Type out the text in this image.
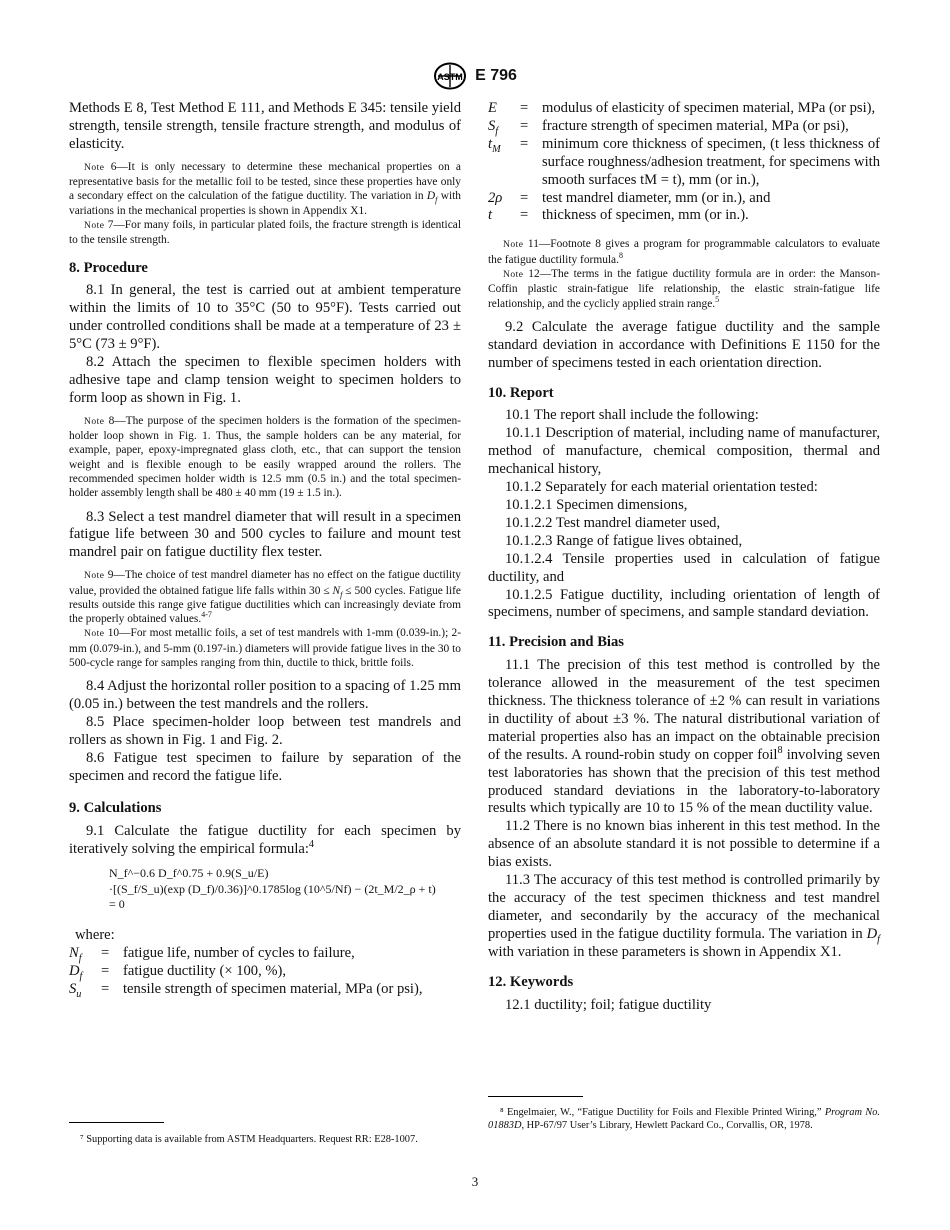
ASTM E 796

Methods E 8, Test Method E 111, and Methods E 345: tensile yield strength, tensile strength, tensile fracture strength, and modulus of elasticity.

Note 6—It is only necessary to determine these mechanical properties on a representative basis for the metallic foil to be tested, since these properties have only a secondary effect on the calculation of the fatigue ductility. The variation in $D_f$ with variations in the mechanical properties is shown in Appendix X1.

Note 7—For many foils, in particular plated foils, the fracture strength is identical to the tensile strength.

8. Procedure

8.1 In general, the test is carried out at ambient temperature within the limits of 10 to 35°C (50 to 95°F). Tests carried out under controlled conditions shall be made at a temperature of 23 ± 5°C (73 ± 9°F).

8.2 Attach the specimen to flexible specimen holders with adhesive tape and clamp tension weight to specimen holders to form loop as shown in Fig. 1.

Note 8—The purpose of the specimen holders is the formation of the specimen-holder loop shown in Fig. 1. Thus, the sample holders can be any material, for example, paper, epoxy-impregnated glass cloth, etc., that can support the tension weight and is flexible enough to be easily wrapped around the rollers. The recommended specimen holder width is 12.5 mm (0.5 in.) and the total specimen-holder assembly length shall be 480 ± 40 mm (19 ± 1.5 in.).

8.3 Select a test mandrel diameter that will result in a specimen fatigue life between 30 and 500 cycles to failure and mount test mandrel pair on fatigue ductility flex tester.

Note 9—The choice of test mandrel diameter has no effect on the fatigue ductility value, provided the obtained fatigue life falls within $30 \le N_f \le 500$ cycles. Fatigue life results outside this range give fatigue ductilities which can increasingly deviate from the properly obtained values.$^{4-7}$

Note 10—For most metallic foils, a set of test mandrels with 1-mm (0.039-in.); 2-mm (0.079-in.), and 5-mm (0.197-in.) diameters will provide fatigue lives in the 30 to 500-cycle range for samples ranging from thin, ductile to thick, brittle foils.

8.4 Adjust the horizontal roller position to a spacing of 1.25 mm (0.05 in.) between the test mandrels and the rollers.

8.5 Place specimen-holder loop between test mandrels and rollers as shown in Fig. 1 and Fig. 2.

8.6 Fatigue test specimen to failure by separation of the specimen and record the fatigue life.

9. Calculations

9.1 Calculate the fatigue ductility for each specimen by iteratively solving the empirical formula:$^4$

N_f^−0.6 D_f^0.75 + 0.9(S_u/E)
·[(S_f/S_u)(exp (D_f)/0.36)]^0.1785log (10^5/Nf) − (2t_M/2_ρ + t)
= 0
where:
$N_f$	=	fatigue life, number of cycles to failure,
$D_f$	=	fatigue ductility (× 100, %),
$S_u$	=	tensile strength of specimen material, MPa (or psi),
⁷ Supporting data is available from ASTM Headquarters. Request RR: E28-1007.
E	=	modulus of elasticity of specimen material, MPa (or psi),
$S_f$	=	fracture strength of specimen material, MPa (or psi),
$t_M$	=	minimum core thickness of specimen, (t less thickness of surface roughness/adhesion treatment, for specimens with smooth surfaces tM = t), mm (or in.),
2ρ	=	test mandrel diameter, mm (or in.), and
t	=	thickness of specimen, mm (or in.).

Note 11—Footnote 8 gives a program for programmable calculators to evaluate the fatigue ductility formula.$^8$

Note 12—The terms in the fatigue ductility formula are in order: the Manson-Coffin plastic strain-fatigue life relationship, the elastic strain-fatigue life relationship, and the cyclicly applied strain range.$^5$

9.2 Calculate the average fatigue ductility and the sample standard deviation in accordance with Definitions E 1150 for the number of specimens tested in each orientation direction.

10. Report

10.1 The report shall include the following:

10.1.1 Description of material, including name of manufacturer, method of manufacture, chemical composition, thermal and mechanical history,

10.1.2 Separately for each material orientation tested:

10.1.2.1 Specimen dimensions,

10.1.2.2 Test mandrel diameter used,

10.1.2.3 Range of fatigue lives obtained,

10.1.2.4 Tensile properties used in calculation of fatigue ductility, and

10.1.2.5 Fatigue ductility, including orientation of length of specimens, number of specimens, and sample standard deviation.

11. Precision and Bias

11.1 The precision of this test method is controlled by the tolerance allowed in the measurement of the test specimen thickness. The thickness tolerance of ±2 % can result in variations in ductility of about ±3 %. The natural distributional variation of material properties also has an impact on the obtainable precision of the results. A round-robin study on copper foil$^8$ involving seven test laboratories has shown that the precision of this test method produced standard deviations in the laboratory-to-laboratory results which typically are 10 to 15 % of the mean ductility value.

11.2 There is no known bias inherent in this test method. In the absence of an absolute standard it is not possible to determine if a bias exists.

11.3 The accuracy of this test method is controlled primarily by the accuracy of the test specimen thickness and test mandrel diameter, and secondarily by the accuracy of the mechanical properties used in the fatigue ductility formula. The variation in $D_f$ with variation in these parameters is shown in Appendix X1.

12. Keywords

12.1 ductility; foil; fatigue ductility

⁸ Engelmaier, W., “Fatigue Ductility for Foils and Flexible Printed Wiring,” Program No. 01883D, HP-67/97 User’s Library, Hewlett Packard Co., Corvallis, OR, 1978.
3
